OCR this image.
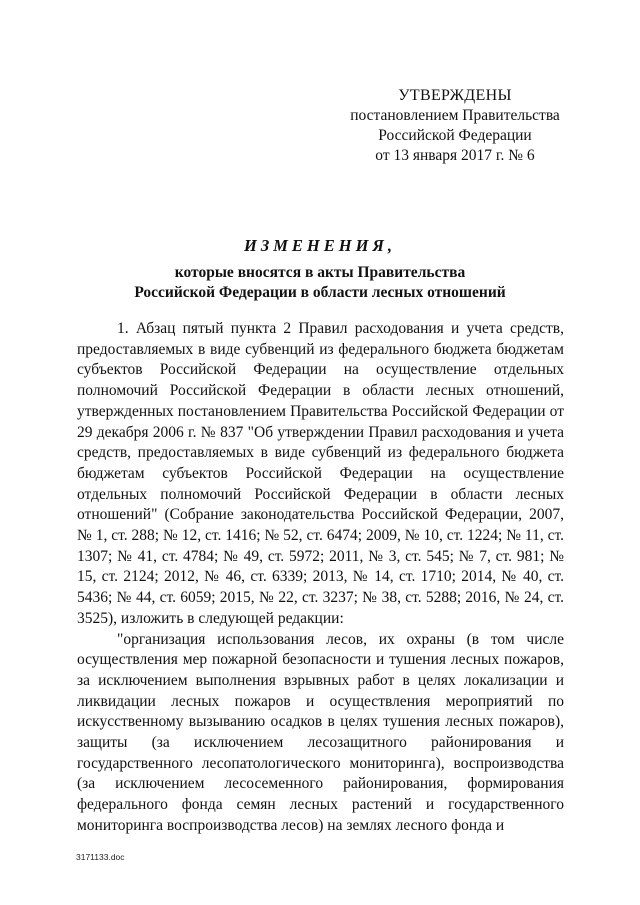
УТВЕРЖДЕНЫ
постановлением Правительства
Российской Федерации
от 13 января 2017 г. № 6
ИЗМЕНЕНИЯ,
которые вносятся в акты Правительства
Российской Федерации в области лесных отношений

1. Абзац пятый пункта 2 Правил расходования и учета средств, предоставляемых в виде субвенций из федерального бюджета бюджетам субъектов Российской Федерации на осуществление отдельных полномочий Российской Федерации в области лесных отношений, утвержденных постановлением Правительства Российской Федерации от 29 декабря 2006 г. № 837 "Об утверждении Правил расходования и учета средств, предоставляемых в виде субвенций из федерального бюджета бюджетам субъектов Российской Федерации на осуществление отдельных полномочий Российской Федерации в области лесных отношений" (Собрание законодательства Российской Федерации, 2007, № 1, ст. 288; № 12, ст. 1416; № 52, ст. 6474; 2009, № 10, ст. 1224; № 11, ст. 1307; № 41, ст. 4784; № 49, ст. 5972; 2011, № 3, ст. 545; № 7, ст. 981; № 15, ст. 2124; 2012, № 46, ст. 6339; 2013, № 14, ст. 1710; 2014, № 40, ст. 5436; № 44, ст. 6059; 2015, № 22, ст. 3237; № 38, ст. 5288; 2016, № 24, ст. 3525), изложить в следующей редакции:

"организация использования лесов, их охраны (в том числе осуществления мер пожарной безопасности и тушения лесных пожаров, за исключением выполнения взрывных работ в целях локализации и ликвидации лесных пожаров и осуществления мероприятий по искусственному вызыванию осадков в целях тушения лесных пожаров), защиты (за исключением лесозащитного районирования и государственного лесопатологического мониторинга), воспроизводства (за исключением лесосеменного районирования, формирования федерального фонда семян лесных растений и государственного мониторинга воспроизводства лесов) на землях лесного фонда и

3171133.doc
